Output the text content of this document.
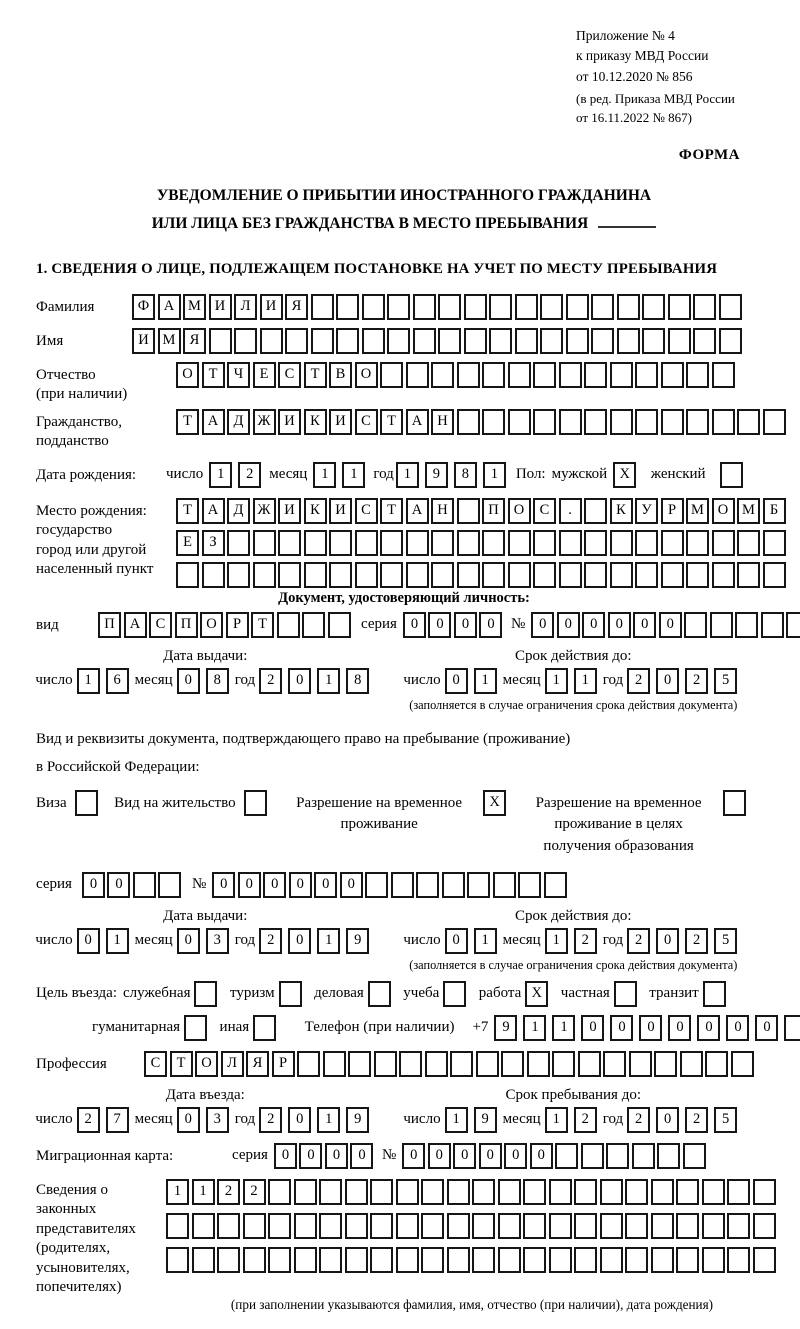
Приложение № 4
к приказу МВД России
от 10.12.2020 № 856
(в ред. Приказа МВД России
от 16.11.2022 № 867)
ФОРМА
УВЕДОМЛЕНИЕ О ПРИБЫТИИ ИНОСТРАННОГО ГРАЖДАНИНА
ИЛИ ЛИЦА БЕЗ ГРАЖДАНСТВА В МЕСТО ПРЕБЫВАНИЯ
1. СВЕДЕНИЯ О ЛИЦЕ, ПОДЛЕЖАЩЕМ ПОСТАНОВКЕ НА УЧЕТ ПО МЕСТУ ПРЕБЫВАНИЯ
Фамилия	Ф	А М И	Л	И	Я
Имя	И М Я
Отчество
(при наличии)
О	Т	Ч	Е	С	Т	В	О
Гражданство,
подданство
Т	А	Д Ж И	К	И	С	Т	А	Н
Дата рождения:	число 1	2	месяц 1	1	год 1	9	8	1	Пол: мужской X	женский
Место рождения:
государство
город или другой
населенный пункт
Т	А	Д Ж И	К	И	С	Т	А	Н	П	О	С	.	К	У	Р	М О М	Б
Е	З
Документ, удостоверяющий личность:
вид	П	А	С	П	О	Р	Т	серия 0	0	0	0	№ 0	0	0	0	0	0
Дата выдачи:
число 1	6 месяц 0	8 год 2	0	1	8
Срок действия до:
число 0	1 месяц 1	1 год 2	0	2	5
(заполняется в случае ограничения срока действия документа)
Вид и реквизиты документа, подтверждающего право на пребывание (проживание)
в Российской Федерации:
Виза	Вид на жительство	Разрешение на временное проживание
X	Разрешение на временное проживание в целях получения образования
серия	0	0	№ 0	0	0	0	0	0
Дата выдачи:
число 0	1 месяц 0	3 год 2	0	1	9
Срок действия до:
число 0	1 месяц 1	2 год 2	0	2	5
(заполняется в случае ограничения срока действия документа)
Цель въезда: служебная	туризм	деловая	учеба	работа X	частная	транзит
гуманитарная	иная	Телефон (при наличии)	+7 9	1	1	0	0	0	0	0	0	0
Профессия	С	Т	О	Л	Я	Р
Дата въезда:
число 2	7 месяц 0	3 год 2	0	1	9
Срок пребывания до:
число 1	9 месяц 1	2 год 2	0	2	5
Миграционная карта:	серия 0	0	0	0	№ 0	0	0	0	0	0
Сведения о
законных
представителях
(родителях,
усыновителях,
попечителях)
1	1	2	2
(при заполнении указываются фамилия, имя, отчество (при наличии), дата рождения)
